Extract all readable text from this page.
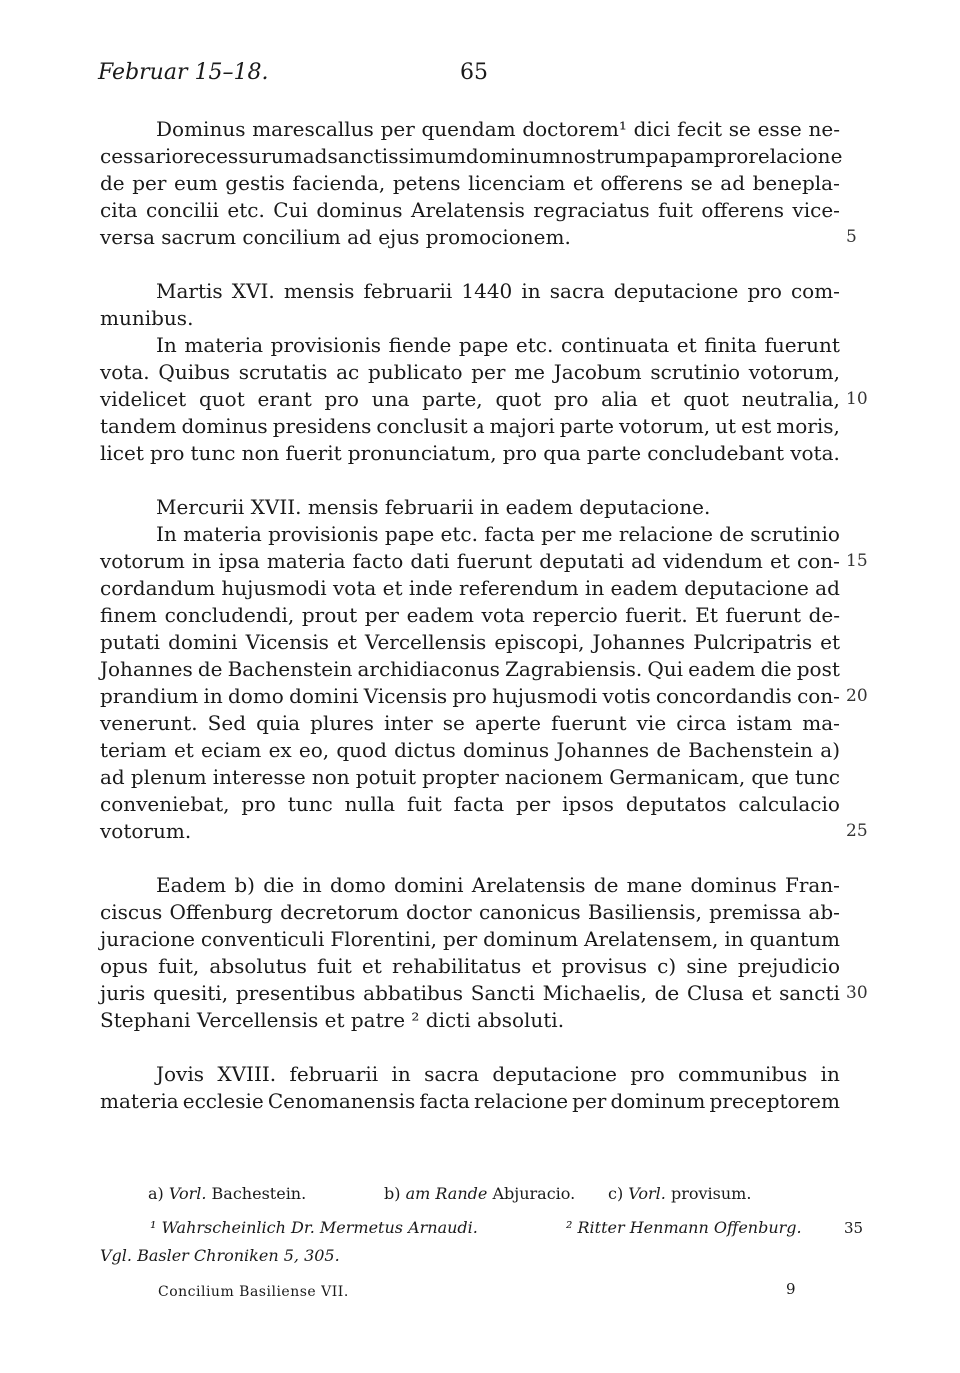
Februar 15–18.	65
Dominus marescallus per quendam doctorem¹ dici fecit se esse ne-
cessario recessurum ad sanctissimum dominum nostrum papam pro relacione
de per eum gestis facienda, petens licenciam et offerens se ad benepla-
cita concilii etc. Cui dominus Arelatensis regraciatus fuit offerens vice-
versa sacrum concilium ad ejus promocionem.	5
Martis XVI. mensis februarii 1440 in sacra deputacione pro com-
munibus.
In materia provisionis fiende pape etc. continuata et finita fuerunt
vota. Quibus scrutatis ac publicato per me Jacobum scrutinio votorum,
videlicet quot erant pro una parte, quot pro alia et quot neutralia, 10
tandem dominus presidens conclusit a majori parte votorum, ut est moris,
licet pro tunc non fuerit pronunciatum, pro qua parte concludebant vota.
Mercurii XVII. mensis februarii in eadem deputacione.
In materia provisionis pape etc. facta per me relacione de scrutinio
votorum in ipsa materia facto dati fuerunt deputati ad videndum et con- 15
cordandum hujusmodi vota et inde referendum in eadem deputacione ad
finem concludendi, prout per eadem vota repercio fuerit. Et fuerunt de-
putati domini Vicensis et Vercellensis episcopi, Johannes Pulcripatris et
Johannes de Bachenstein archidiaconus Zagrabiensis. Qui eadem die post
prandium in domo domini Vicensis pro hujusmodi votis concordandis con- 20
venerunt. Sed quia plures inter se aperte fuerunt vie circa istam ma-
teriam et eciam ex eo, quod dictus dominus Johannes de Bachenstein a)
ad plenum interesse non potuit propter nacionem Germanicam, que tunc
conveniebat, pro tunc nulla fuit facta per ipsos deputatos calculacio
votorum.	25
Eadem b) die in domo domini Arelatensis de mane dominus Fran-
ciscus Offenburg decretorum doctor canonicus Basiliensis, premissa ab-
juracione conventiculi Florentini, per dominum Arelatensem, in quantum
opus fuit, absolutus fuit et rehabilitatus et provisus c) sine prejudicio
juris quesiti, presentibus abbatibus Sancti Michaelis, de Clusa et sancti 30
Stephani Vercellensis et patre ² dicti absoluti.
Jovis XVIII. februarii in sacra deputacione pro communibus in
materia ecclesie Cenomanensis facta relacione per dominum preceptorem
a) Vorl. Bachestein.	b) am Rande Abjuracio. c) Vorl. provisum.
¹ Wahrscheinlich Dr. Mermetus Arnaudi.	² Ritter Henmann Offenburg.	35
Vgl. Basler Chroniken 5, 305.
Concilium Basiliense VII.	9
